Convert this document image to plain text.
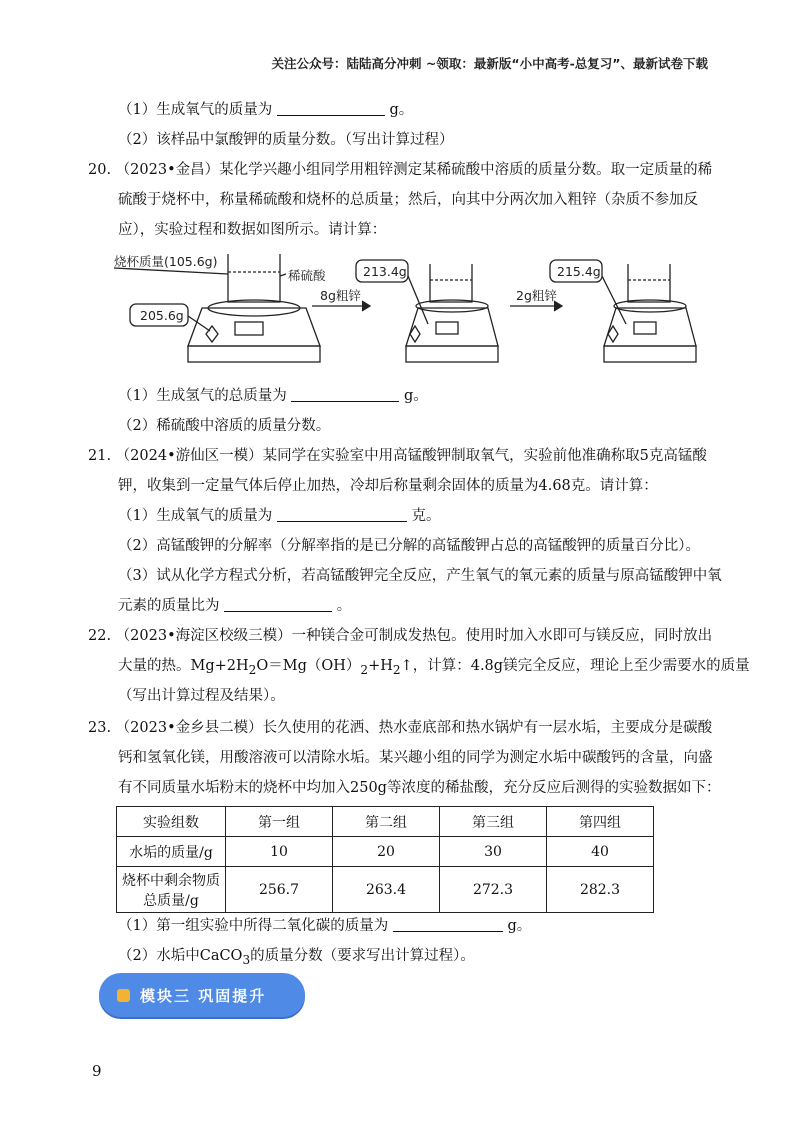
关注公众号：陆陆高分冲刺 ~领取：最新版“小中高考-总复习”、最新试卷下载
（1）生成氧气的质量为	g。
（2）该样品中氯酸钾的质量分数。（写出计算过程）
20. （2023•金昌）某化学兴趣小组同学用粗锌测定某稀硫酸中溶质的质量分数。取一定质量的稀
硫酸于烧杯中，称量稀硫酸和烧杯的总质量；然后，向其中分两次加入粗锌（杂质不参加反
应），实验过程和数据如图所示。请计算：
烧杯质量(105.6g)
稀硫酸
205.6g
8g粗锌
213.4g
2g粗锌
215.4g
（1）生成氢气的总质量为	g。
（2）稀硫酸中溶质的质量分数。
21. （2024•游仙区一模）某同学在实验室中用高锰酸钾制取氧气，实验前他准确称取5克高锰酸
钾，收集到一定量气体后停止加热，冷却后称量剩余固体的质量为4.68克。请计算：
（1）生成氧气的质量为	克。
（2）高锰酸钾的分解率（分解率指的是已分解的高锰酸钾占总的高锰酸钾的质量百分比）。
（3）试从化学方程式分析，若高锰酸钾完全反应，产生氧气的氧元素的质量与原高锰酸钾中氧
元素的质量比为	。
22. （2023•海淀区校级三模）一种镁合金可制成发热包。使用时加入水即可与镁反应，同时放出
大量的热。$Mg+2H_2O=Mg(OH)_2+H_2↑$，计算：4.8g镁完全反应，理论上至少需要水的质量
（写出计算过程及结果）。
23. （2023•金乡县二模）长久使用的花洒、热水壶底部和热水锅炉有一层水垢，主要成分是碳酸
钙和氢氧化镁，用酸溶液可以清除水垢。某兴趣小组的同学为测定水垢中碳酸钙的含量，向盛
有不同质量水垢粉末的烧杯中均加入250g等浓度的稀盐酸，充分反应后测得的实验数据如下：
实验组数	第一组	第二组	第三组	第四组
水垢的质量/g	10	20	30	40

烧杯中剩余物质
总质量/g	256.7	263.4	272.3	282.3
（1）第一组实验中所得二氧化碳的质量为	g。
（2）水垢中CaCO$_3$的质量分数（要求写出计算过程）。
模块三 巩固提升
9
